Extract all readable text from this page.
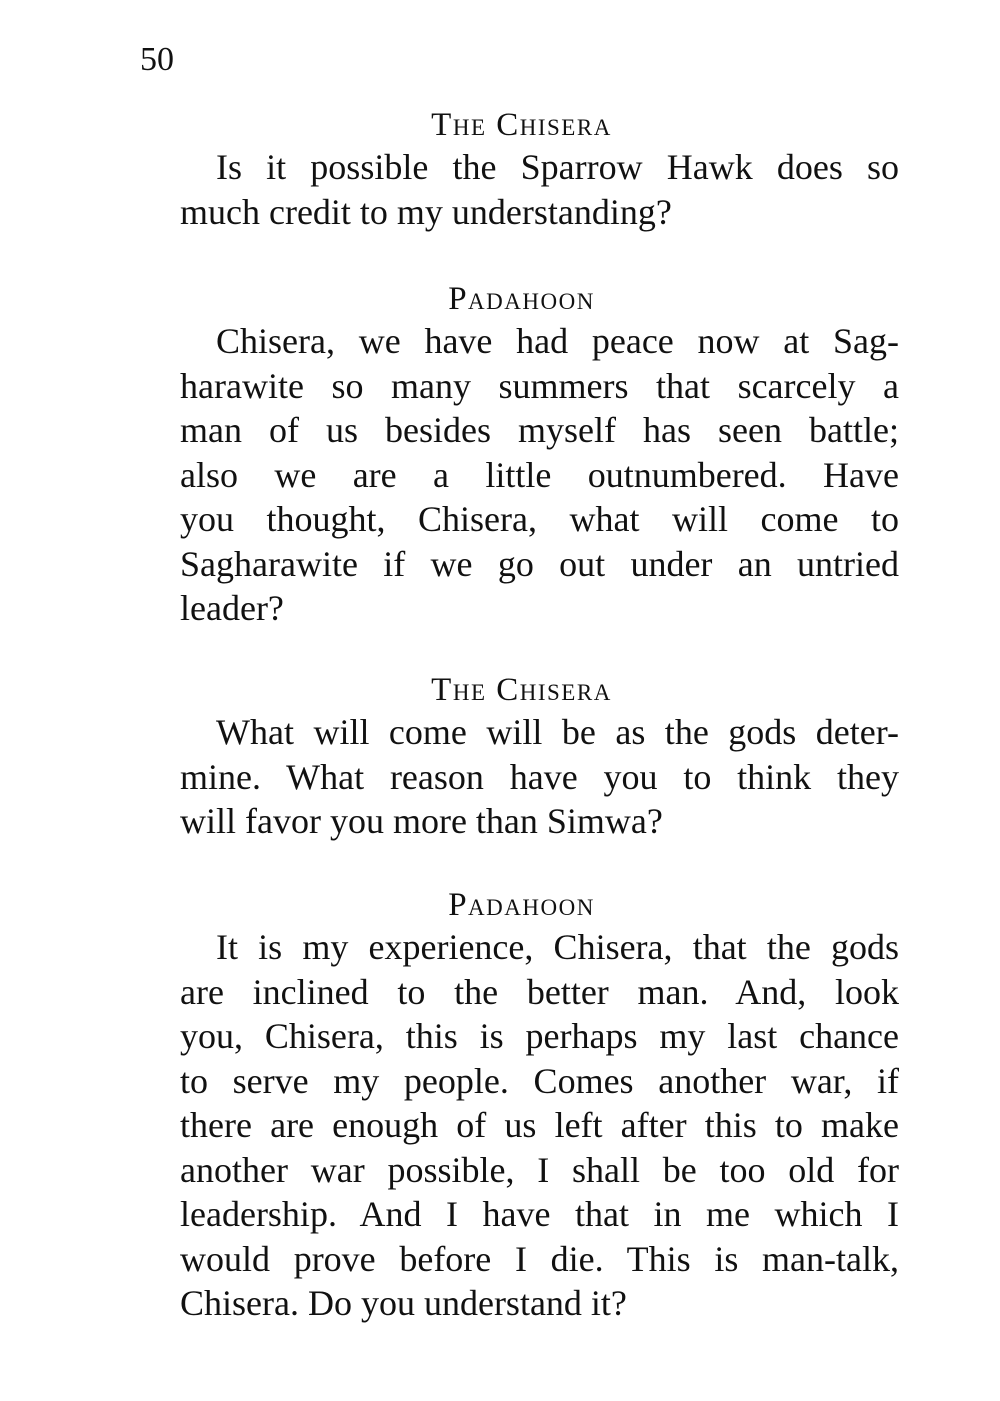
50
The Chisera
Is it possible the Sparrow Hawk does so
much credit to my understanding?
Padahoon
Chisera, we have had peace now at Sag-
harawite so many summers that scarcely a
man of us besides myself has seen battle;
also we are a little outnumbered. Have
you thought, Chisera, what will come to
Sagharawite if we go out under an untried
leader?
The Chisera
What will come will be as the gods deter-
mine. What reason have you to think they
will favor you more than Simwa?
Padahoon
It is my experience, Chisera, that the gods
are inclined to the better man. And, look
you, Chisera, this is perhaps my last chance
to serve my people. Comes another war, if
there are enough of us left after this to make
another war possible, I shall be too old for
leadership. And I have that in me which I
would prove before I die. This is man-talk,
Chisera. Do you understand it?
